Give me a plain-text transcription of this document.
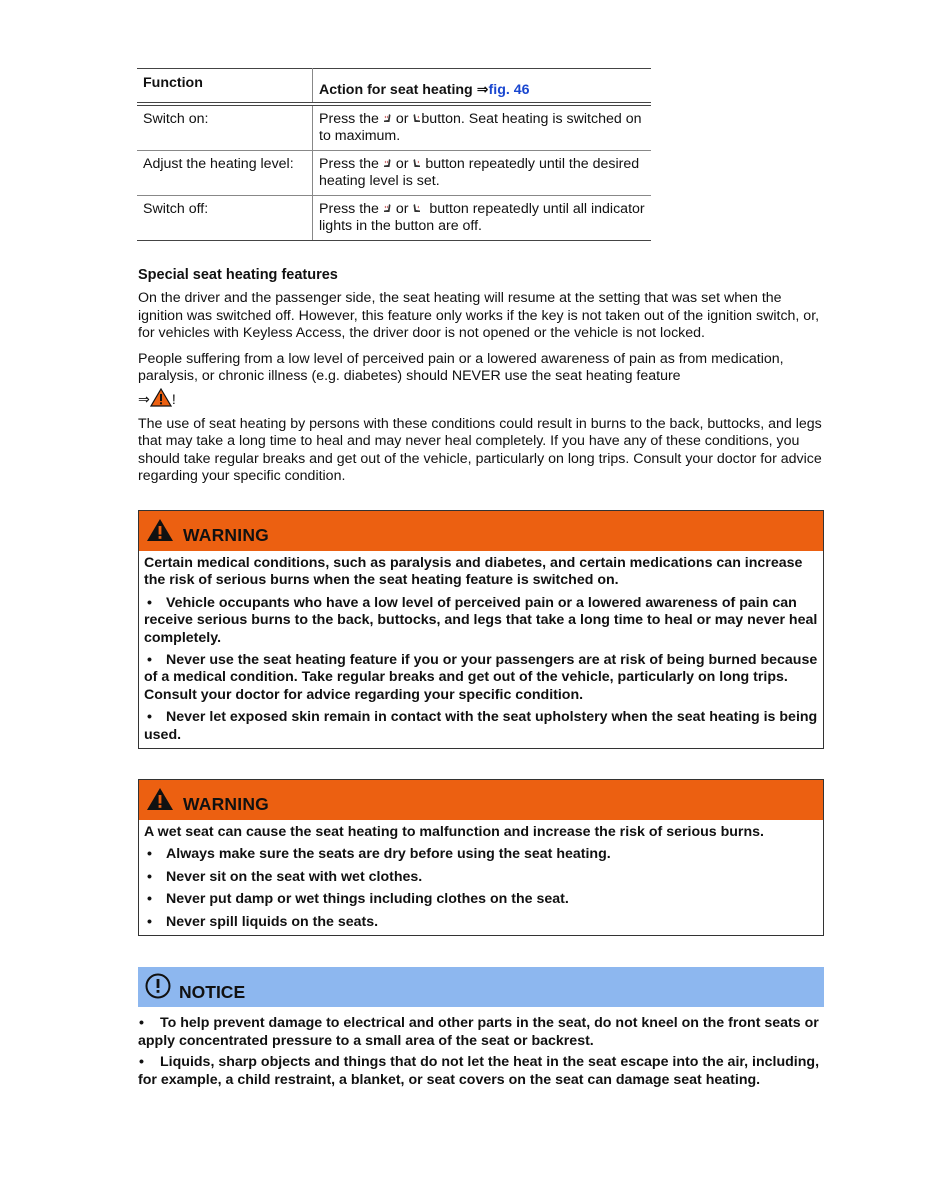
Function	Action for seat heating ⇒fig. 46
Switch on:	Press the or button. Seat heating is switched on to maximum.
Adjust the heating level:	Press the or button repeatedly until the desired heating level is set.
Switch off:	Press the or button repeatedly until all indicator lights in the button are off.
Special seat heating features

On the driver and the passenger side, the seat heating will resume at the setting that was set when the ignition was switched off. However, this feature only works if the key is not taken out of the ignition switch, or, for vehicles with Keyless Access, the driver door is not opened or the vehicle is not locked.

People suffering from a low level of perceived pain or a lowered awareness of pain as from medication, paralysis, or chronic illness (e.g. diabetes) should NEVER use the seat heating feature

⇒ !

The use of seat heating by persons with these conditions could result in burns to the back, buttocks, and legs that may take a long time to heal and may never heal completely. If you have any of these conditions, you should take regular breaks and get out of the vehicle, particularly on long trips. Consult your doctor for advice regarding your specific condition.

WARNING

Certain medical conditions, such as paralysis and diabetes, and certain medications can increase the risk of serious burns when the seat heating feature is switched on.

• Vehicle occupants who have a low level of perceived pain or a lowered awareness of pain can receive serious burns to the back, buttocks, and legs that take a long time to heal or may never heal completely.

• Never use the seat heating feature if you or your passengers are at risk of being burned because of a medical condition. Take regular breaks and get out of the vehicle, particularly on long trips. Consult your doctor for advice regarding your specific condition.

• Never let exposed skin remain in contact with the seat upholstery when the seat heating is being used.

WARNING

A wet seat can cause the seat heating to malfunction and increase the risk of serious burns.

• Always make sure the seats are dry before using the seat heating.

• Never sit on the seat with wet clothes.

• Never put damp or wet things including clothes on the seat.

• Never spill liquids on the seats.

NOTICE

• To help prevent damage to electrical and other parts in the seat, do not kneel on the front seats or apply concentrated pressure to a small area of the seat or backrest.

• Liquids, sharp objects and things that do not let the heat in the seat escape into the air, including, for example, a child restraint, a blanket, or seat covers on the seat can damage seat heating.
